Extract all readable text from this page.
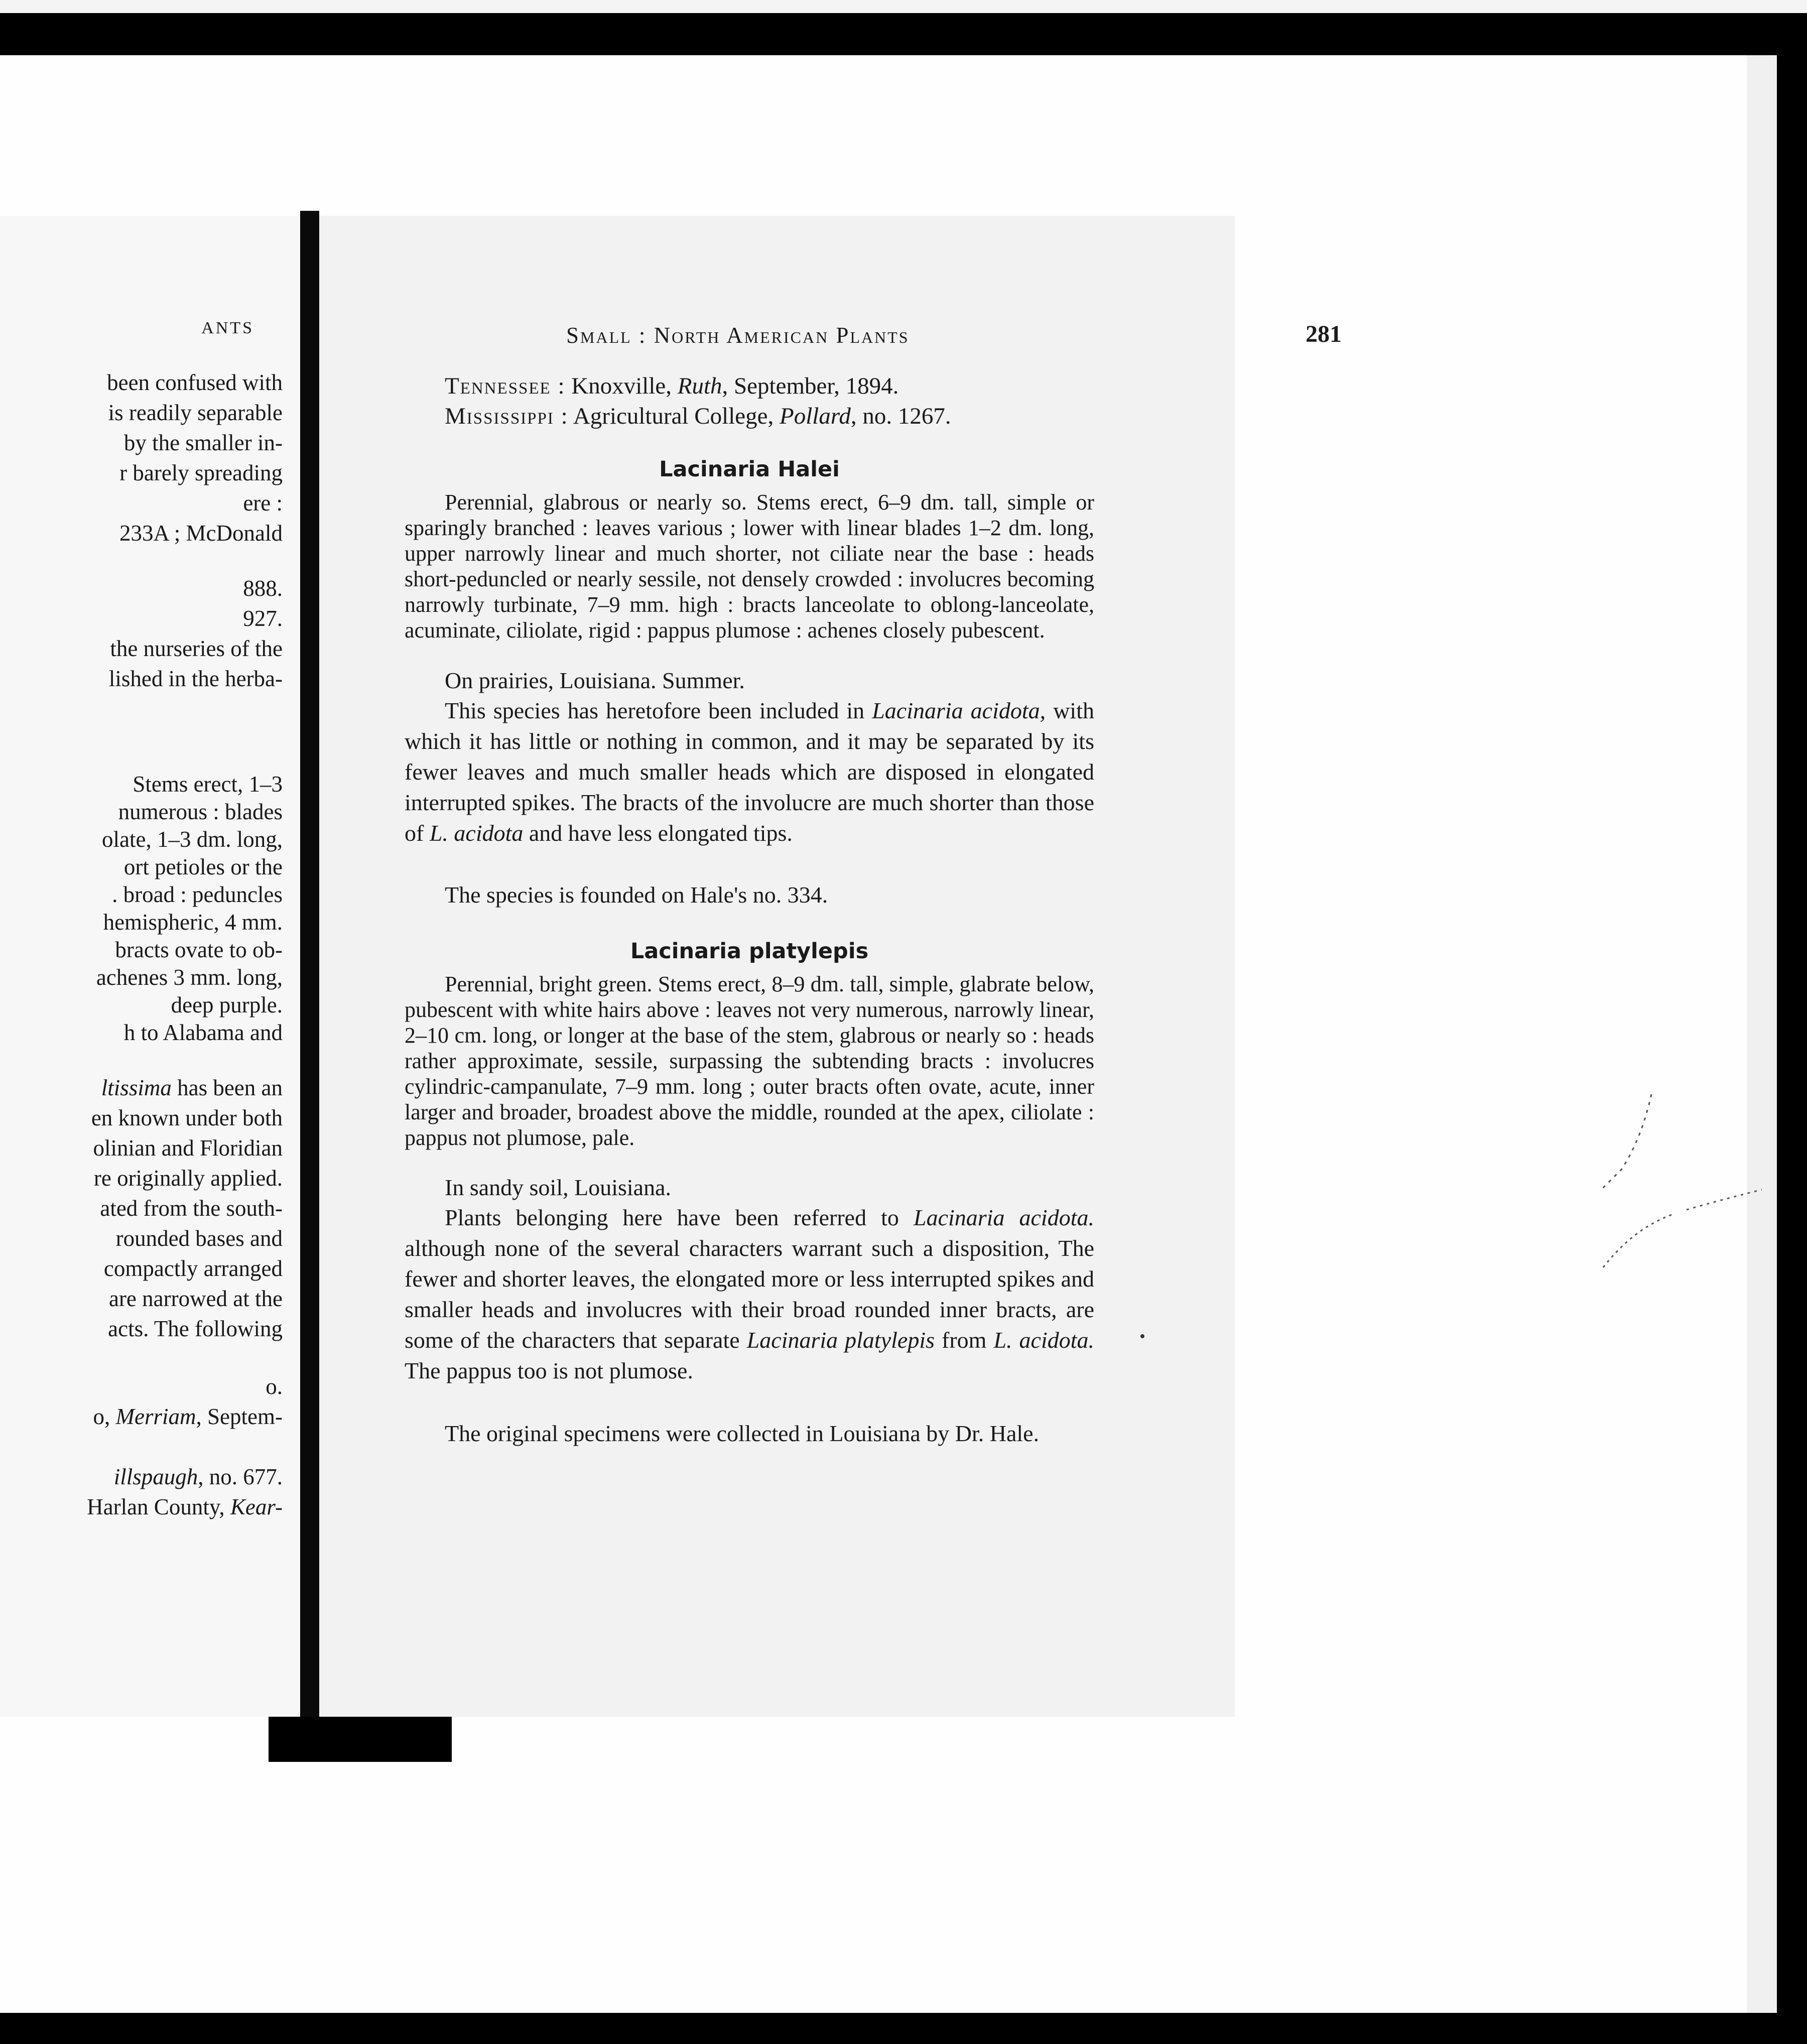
ANTS
been confused with
is readily separable
by the smaller in-
r barely spreading
ere :
233A ; McDonald
888.
927.
the nurseries of the
lished in the herba-
Stems erect, 1–3
numerous : blades
olate, 1–3 dm. long,
ort petioles or the
. broad : peduncles
hemispheric, 4 mm.
bracts ovate to ob-
achenes 3 mm. long,
deep purple.
h to Alabama and
ltissima has been an
en known under both
olinian and Floridian
re originally applied.
ated from the south-
rounded bases and
compactly arranged
are narrowed at the
acts. The following
o.
o, Merriam, Septem-
illspaugh, no. 677.
Harlan County, Kear-
Small : North American Plants	281
Tennessee : Knoxville, Ruth, September, 1894.
Mississippi : Agricultural College, Pollard, no. 1267.
Lacinaria Halei
Perennial, glabrous or nearly so. Stems erect, 6–9 dm. tall, simple or sparingly branched : leaves various ; lower with linear blades 1–2 dm. long, upper narrowly linear and much shorter, not ciliate near the base : heads short-peduncled or nearly sessile, not densely crowded : involucres becoming narrowly turbinate, 7–9 mm. high : bracts lanceolate to oblong-lanceolate, acuminate, ciliolate, rigid : pappus plumose : achenes closely pubescent.
On prairies, Louisiana. Summer.
This species has heretofore been included in Lacinaria acidota, with which it has little or nothing in common, and it may be separated by its fewer leaves and much smaller heads which are disposed in elongated interrupted spikes. The bracts of the involucre are much shorter than those of L. acidota and have less elongated tips.
The species is founded on Hale's no. 334.
Lacinaria platylepis
Perennial, bright green. Stems erect, 8–9 dm. tall, simple, glabrate below, pubescent with white hairs above : leaves not very numerous, narrowly linear, 2–10 cm. long, or longer at the base of the stem, glabrous or nearly so : heads rather approximate, sessile, surpassing the subtending bracts : involucres cylindric-campanulate, 7–9 mm. long ; outer bracts often ovate, acute, inner larger and broader, broadest above the middle, rounded at the apex, ciliolate : pappus not plumose, pale.
In sandy soil, Louisiana.
Plants belonging here have been referred to Lacinaria acidota. although none of the several characters warrant such a disposition, The fewer and shorter leaves, the elongated more or less interrupted spikes and smaller heads and involucres with their broad rounded inner bracts, are some of the characters that separate Lacinaria platylepis from L. acidota. The pappus too is not plumose.
The original specimens were collected in Louisiana by Dr. Hale.
